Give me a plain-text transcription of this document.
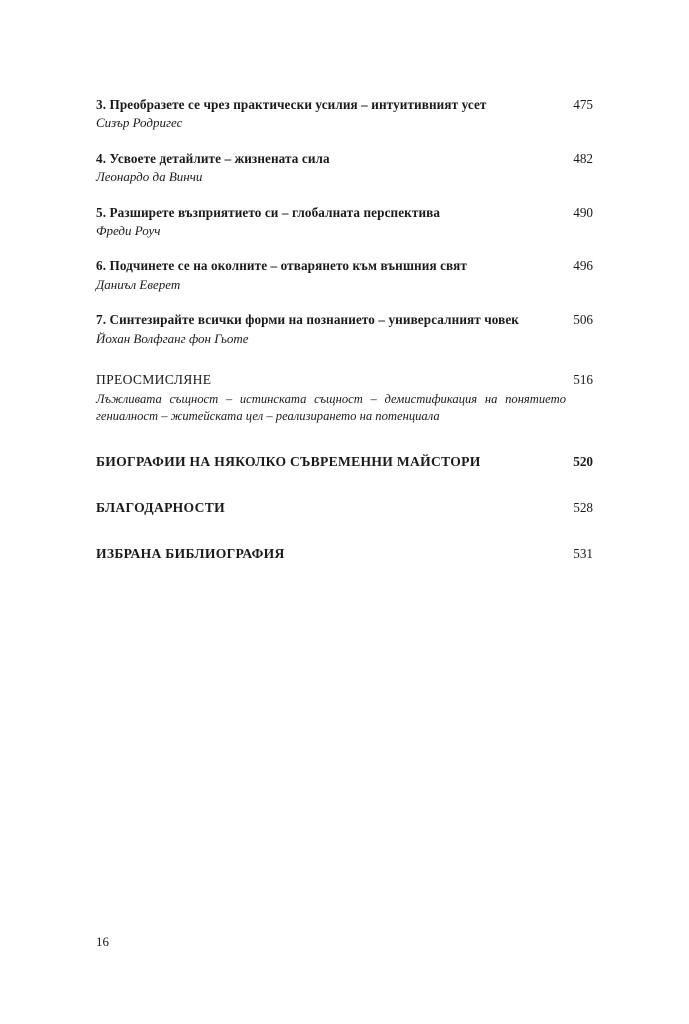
3. Преобразете се чрез практически усилия – интуитивният усет	475
Сизър Родригес
4. Усвоете детайлите – жизнената сила	482
Леонардо да Винчи
5. Разширете възприятието си – глобалната перспектива	490
Фреди Роуч
6. Подчинете се на околните – отварянето към външния свят	496
Даниъл Еверет
7. Синтезирайте всички форми на познанието – универсалният човек	506
Йохан Волфганг фон Гьоте
ПРЕОСМИСЛЯНЕ	516
Лъжливата същност – истинската същност – демистификация на понятието гениалност – житейската цел – реализирането на потенциала
БИОГРАФИИ НА НЯКОЛКО СЪВРЕМЕННИ МАЙСТОРИ	520
БЛАГОДАРНОСТИ	528
ИЗБРАНА БИБЛИОГРАФИЯ	531
16
